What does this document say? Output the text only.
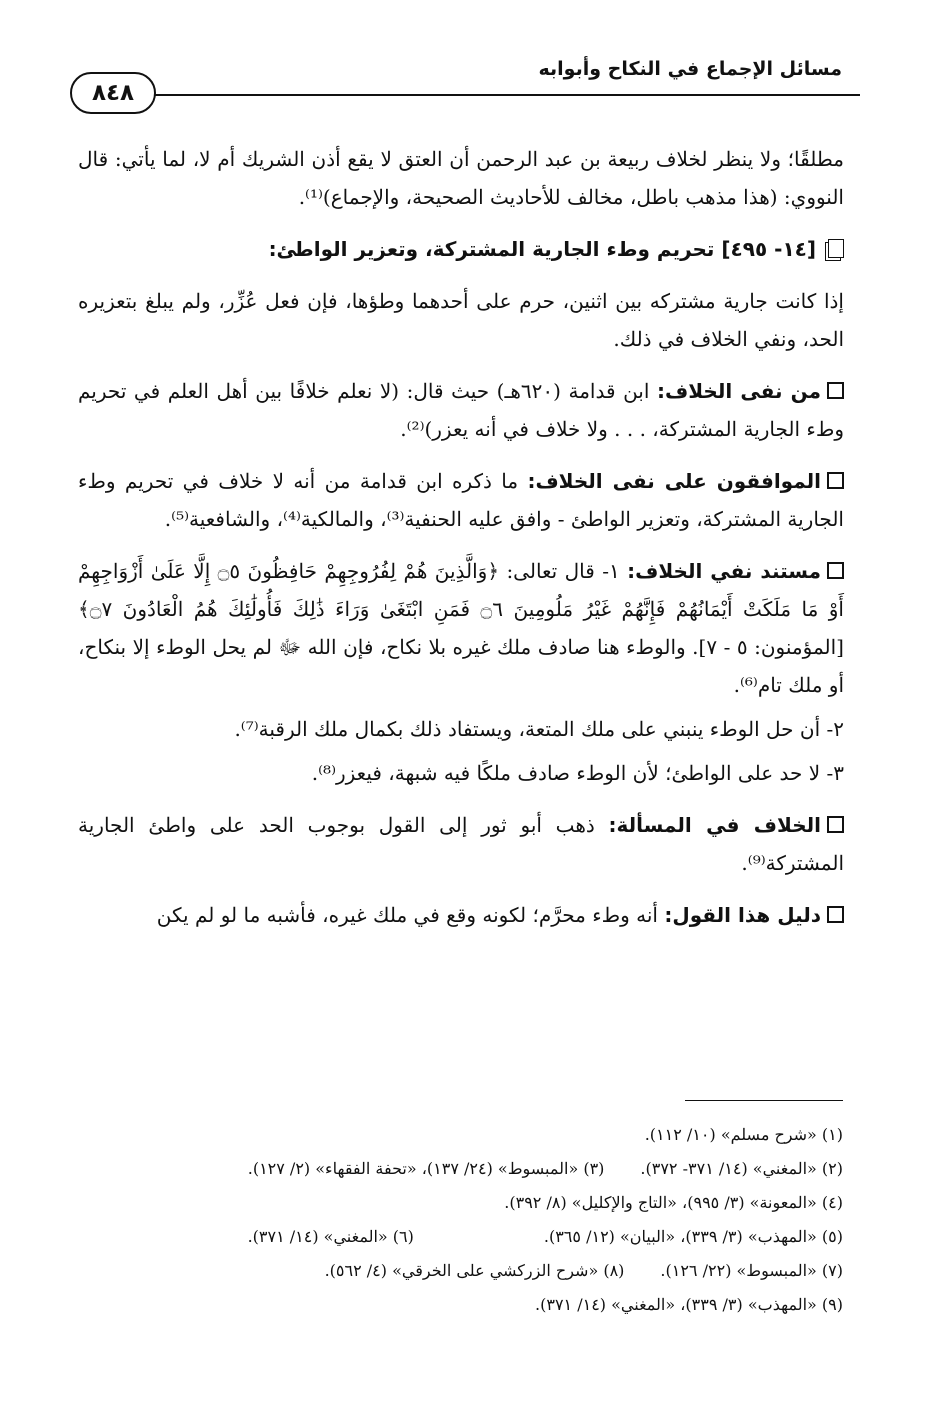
مسائل الإجماع في النكاح وأبوابه
٨٤٨

مطلقًا؛ ولا ينظر لخلاف ربيعة بن عبد الرحمن أن العتق لا يقع أذن الشريك أم لا، لما يأتي: قال النووي: (هذا مذهب باطل، مخالف للأحاديث الصحيحة، والإجماع)⁽¹⁾.

[١٤- ٤٩٥] تحريم وطء الجارية المشتركة، وتعزير الواطئ:

إذا كانت جارية مشتركه بين اثنين، حرم على أحدهما وطؤها، فإن فعل عُزِّر، ولم يبلغ بتعزيره الحد، ونفي الخلاف في ذلك.

من نفى الخلاف: ابن قدامة (٦٢٠هـ) حيث قال: (لا نعلم خلافًا بين أهل العلم في تحريم وطء الجارية المشتركة، . . . ولا خلاف في أنه يعزر)⁽²⁾.

الموافقون على نفى الخلاف: ما ذكره ابن قدامة من أنه لا خلاف في تحريم وطء الجارية المشتركة، وتعزير الواطئ - وافق عليه الحنفية⁽³⁾، والمالكية⁽⁴⁾، والشافعية⁽⁵⁾.

مستند نفي الخلاف: ١- قال تعالى: ﴿وَالَّذِينَ هُمْ لِفُرُوجِهِمْ حَافِظُونَ ۝٥ إِلَّا عَلَىٰ أَزْوَاجِهِمْ أَوْ مَا مَلَكَتْ أَيْمَانُهُمْ فَإِنَّهُمْ غَيْرُ مَلُومِينَ ۝٦ فَمَنِ ابْتَغَىٰ وَرَاءَ ذَٰلِكَ فَأُولَٰئِكَ هُمُ الْعَادُونَ ۝٧﴾ [المؤمنون: ٥ - ٧]. والوطء هنا صادف ملك غيره بلا نكاح، فإن الله ﷻ لم يحل الوطء إلا بنكاح، أو ملك تام⁽⁶⁾.

٢- أن حل الوطء ينبني على ملك المتعة، ويستفاد ذلك بكمال ملك الرقبة⁽⁷⁾.

٣- لا حد على الواطئ؛ لأن الوطء صادف ملكًا فيه شبهة، فيعزر⁽⁸⁾.

الخلاف في المسألة: ذهب أبو ثور إلى القول بوجوب الحد على واطئ الجارية المشتركة⁽⁹⁾.

دليل هذا القول: أنه وطء محرَّم؛ لكونه وقع في ملك غيره، فأشبه ما لو لم يكن

(١) «شرح مسلم» (١٠/ ١١٢).
(٢) «المغني» (١٤/ ٣٧١- ٣٧٢).
(٣) «المبسوط» (٢٤/ ١٣٧)، «تحفة الفقهاء» (٢/ ١٢٧).
(٤) «المعونة» (٣/ ٩٩٥)، «التاج والإكليل» (٨/ ٣٩٢).
(٥) «المهذب» (٣/ ٣٣٩)، «البيان» (١٢/ ٣٦٥).
(٦) «المغني» (١٤/ ٣٧١).
(٧) «المبسوط» (٢٢/ ١٢٦).
(٨) «شرح الزركشي على الخرقي» (٤/ ٥٦٢).
(٩) «المهذب» (٣/ ٣٣٩)، «المغني» (١٤/ ٣٧١).
